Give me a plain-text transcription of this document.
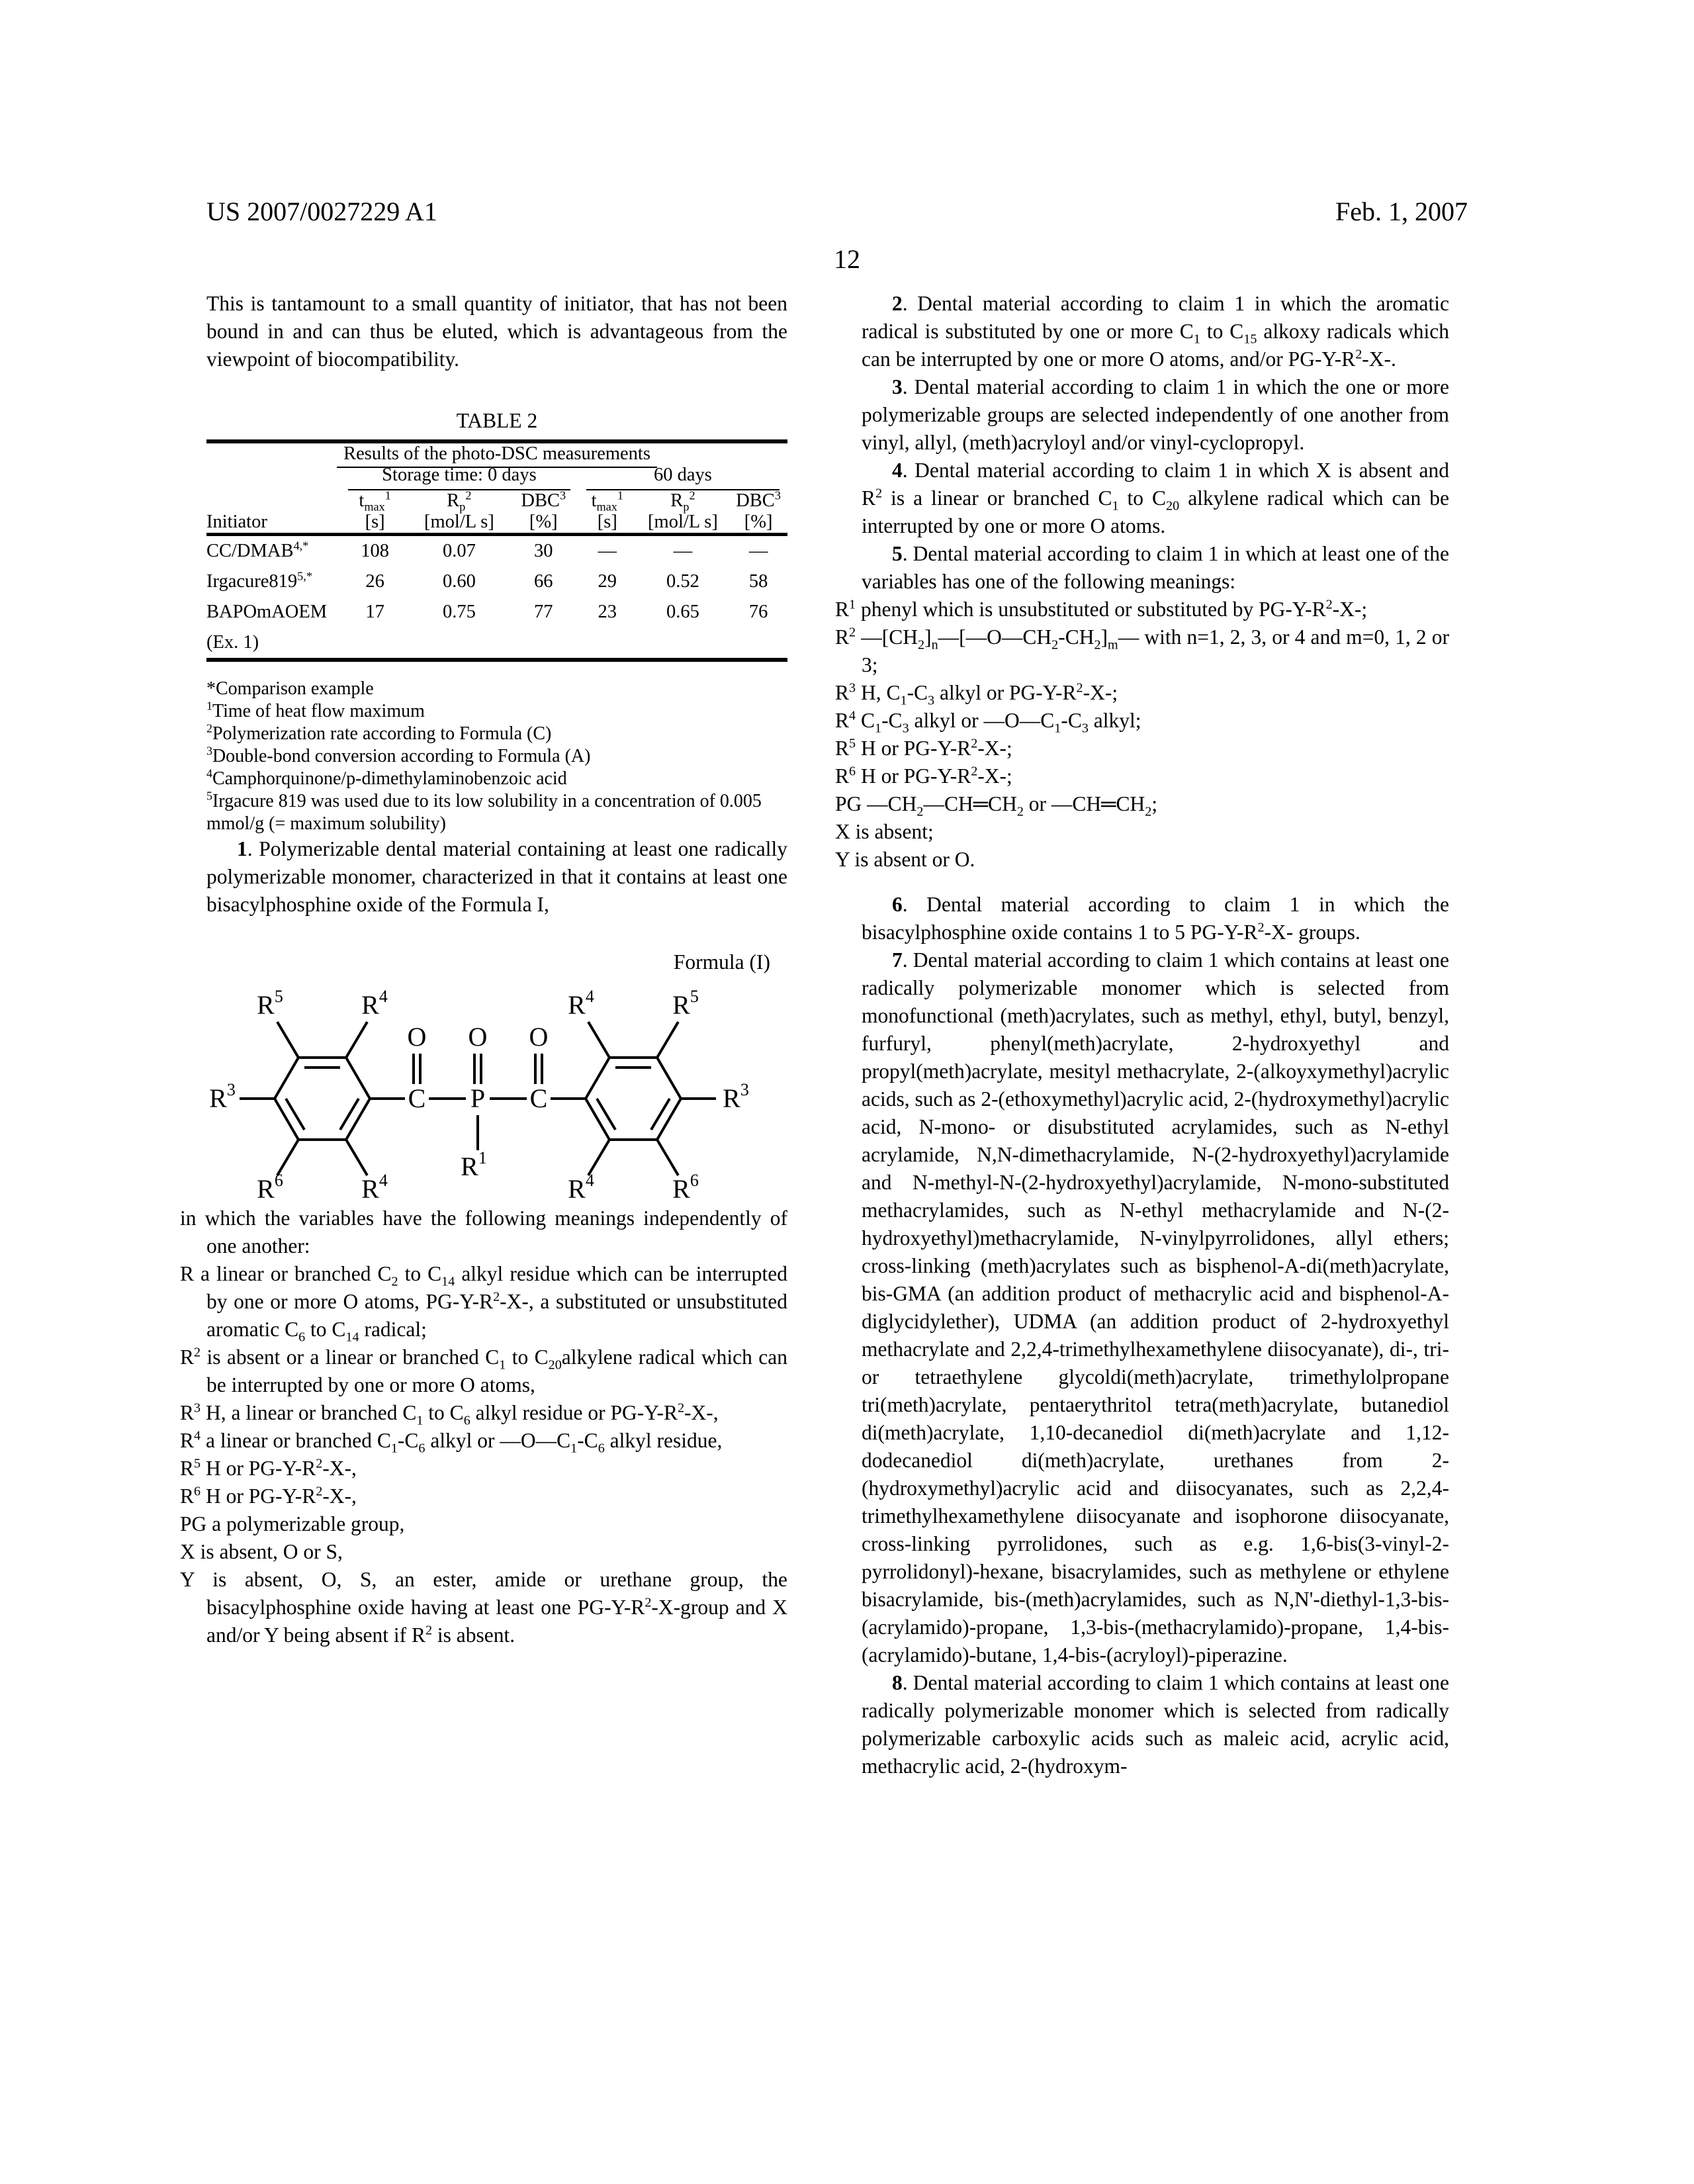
US 2007/0027229 A1	Feb. 1, 2007
12

This is tantamount to a small quantity of initiator, that has not been bound in and can thus be eluted, which is advantageous from the viewpoint of biocompatibility.

TABLE 2
Results of the photo-DSC measurements						

	Storage time: 0 days			60 days		

Initiator	$t_{max}^1$	$R_p^2$	DBC$^3$	$t_{max}^1$	$R_p^2$	DBC$^3$
	[s]	[mol/L s]	[%]	[s]	[mol/L s]	[%]
$CC/DMAB^{4,*}$	108	0.07	30	—	—	—
$Irgacure819^{5,*}$	26	0.60	66	29	0.52	58

BAPOmAOEM
(Ex. 1)	17	0.75	77	23	0.65	76

*Comparison example

$^1$Time of heat flow maximum

$^2$Polymerization rate according to Formula (C)

$^3$Double-bond conversion according to Formula (A)

$^4$Camphorquinone/p-dimethylaminobenzoic acid

$^5$Irgacure 819 was used due to its low solubility in a concentration of 0.005 mmol/g (= maximum solubility)

1. Polymerizable dental material containing at least one radically polymerizable monomer, characterized in that it contains at least one bisacylphosphine oxide of the Formula I,

Formula (I)
$R^5$	$R^4$
$R^3$
$R^6$	$R^4$
O O O
C P C
$R^1$
$R^4$	$R^5$
$R^3$
$R^4$	$R^6$

in which the variables have the following meanings independently of one another:

R a linear or branched $C_2$ to $C_{14}$ alkyl residue which can be interrupted by one or more O atoms, $PG-Y-R^2-X-$, a substituted or unsubstituted aromatic $C_6$ to $C_{14}$ radical;

$R^2$ is absent or a linear or branched $C_1$ to $C_{20}alkylene$ radical which can be interrupted by one or more O atoms,

$R^3$ H, a linear or branched $C_1$ to $C_6$ alkyl residue or $PG-Y-R^2-X-$,

$R^4$ a linear or branched $C_1-C_6$ alkyl or $—O—C_1-C_6$ alkyl residue,

$R^5$ H or $PG-Y-R^2-X-$,

$R^6$ H or $PG-Y-R^2-X-$,

PG a polymerizable group,

X is absent, O or S,

Y is absent, O, S, an ester, amide or urethane group, the bisacylphosphine oxide having at least one $PG-Y-R^2-X$-group and X and/or Y being absent if $R^2$ is absent.

2. Dental material according to claim 1 in which the aromatic radical is substituted by one or more $C_1$ to $C_{15}$ alkoxy radicals which can be interrupted by one or more O atoms, and/or $PG-Y-R^2-X-$.

3. Dental material according to claim 1 in which the one or more polymerizable groups are selected independently of one another from vinyl, allyl, (meth)acryloyl and/or vinyl-cyclopropyl.

4. Dental material according to claim 1 in which X is absent and $R^2$ is a linear or branched $C_1$ to $C_{20}$ alkylene radical which can be interrupted by one or more O atoms.

5. Dental material according to claim 1 in which at least one of the variables has one of the following meanings:

$R^1$ phenyl which is unsubstituted or substituted by $PG-Y-R^2-X-$;

$R^2$ $—[CH_2]_n—[—O—CH_2-CH_2]_m—$ with n=1, 2, 3, or 4 and m=0, 1, 2 or 3;

$R^3$ H, $C_1-C_3$ alkyl or $PG-Y-R^2-X-$;

$R^4$ $C_1-C_3$ alkyl or $—O—C_1-C_3$ alkyl;

$R^5$ H or $PG-Y-R^2-X-$;

$R^6$ H or $PG-Y-R^2-X-$;

PG $—CH_2—CH═CH_2$ or $—CH═CH_2$;

X is absent;

Y is absent or O.

6. Dental material according to claim 1 in which the bisacylphosphine oxide contains 1 to 5 $PG-Y-R^2-X-$ groups.

7. Dental material according to claim 1 which contains at least one radically polymerizable monomer which is selected from monofunctional (meth)acrylates, such as methyl, ethyl, butyl, benzyl, furfuryl, phenyl(meth)acrylate, 2-hydroxyethyl and propyl(meth)acrylate, mesityl methacrylate, 2-(alkoyxymethyl)acrylic acids, such as 2-(ethoxymethyl)acrylic acid, 2-(hydroxymethyl)acrylic acid, N-mono- or disubstituted acrylamides, such as N-ethyl acrylamide, N,N-dimethacrylamide, N-(2-hydroxyethyl)acrylamide and N-methyl-N-(2-hydroxyethyl)acrylamide, N-mono-substituted methacrylamides, such as N-ethyl methacrylamide and N-(2-hydroxyethyl)methacrylamide, N-vinylpyrrolidones, allyl ethers; cross-linking (meth)acrylates such as bisphenol-A-di(meth)acrylate, bis-GMA (an addition product of methacrylic acid and bisphenol-A-diglycidylether), UDMA (an addition product of 2-hydroxyethyl methacrylate and 2,2,4-trimethylhexamethylene diisocyanate), di-, tri- or tetraethylene glycoldi(meth)acrylate, trimethylolpropane tri(meth)acrylate, pentaerythritol tetra(meth)acrylate, butanediol di(meth)acrylate, 1,10-decanediol di(meth)acrylate and 1,12-dodecanediol di(meth)acrylate, urethanes from 2-(hydroxymethyl)acrylic acid and diisocyanates, such as 2,2,4-trimethylhexamethylene diisocyanate and isophorone diisocyanate, cross-linking pyrrolidones, such as e.g. 1,6-bis(3-vinyl-2-pyrrolidonyl)-hexane, bisacrylamides, such as methylene or ethylene bisacrylamide, bis-(meth)acrylamides, such as N,N'-diethyl-1,3-bis-(acrylamido)-propane, 1,3-bis-(methacrylamido)-propane, 1,4-bis-(acrylamido)-butane, 1,4-bis-(acryloyl)-piperazine.

8. Dental material according to claim 1 which contains at least one radically polymerizable monomer which is selected from radically polymerizable carboxylic acids such as maleic acid, acrylic acid, methacrylic acid, 2-(hydroxym-
